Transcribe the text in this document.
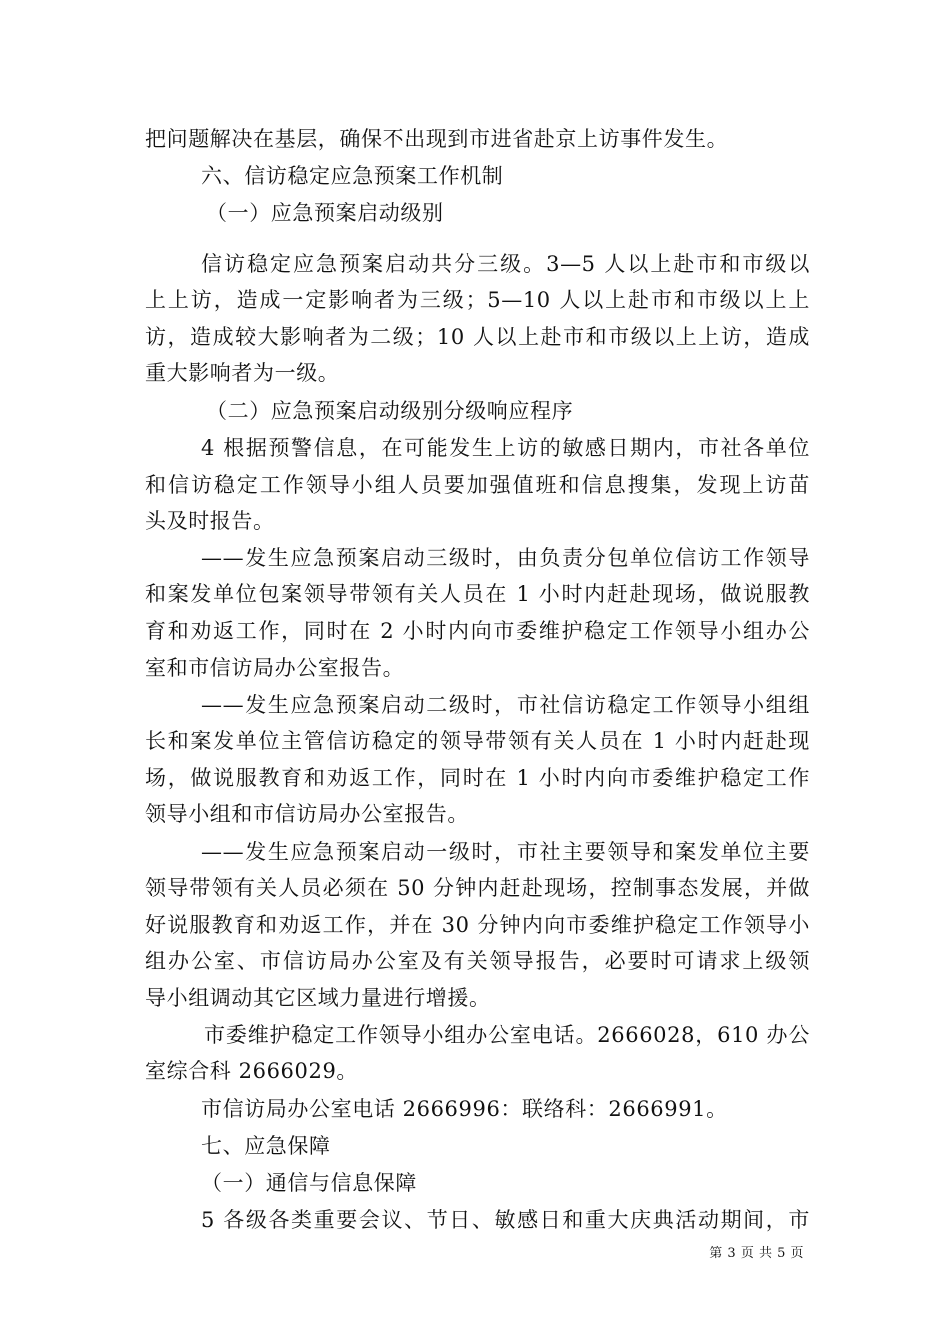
把问题解决在基层，确保不出现到市进省赴京上访事件发生。
六、信访稳定应急预案工作机制
（一）应急预案启动级别
信访稳定应急预案启动共分三级。3—5 人以上赴市和市级以
上上访，造成一定影响者为三级；5—10 人以上赴市和市级以上上
访，造成较大影响者为二级；10 人以上赴市和市级以上上访，造成
重大影响者为一级。
（二）应急预案启动级别分级响应程序
4 根据预警信息，在可能发生上访的敏感日期内，市社各单位
和信访稳定工作领导小组人员要加强值班和信息搜集，发现上访苗
头及时报告。
——发生应急预案启动三级时，由负责分包单位信访工作领导
和案发单位包案领导带领有关人员在 1 小时内赶赴现场，做说服教
育和劝返工作，同时在 2 小时内向市委维护稳定工作领导小组办公
室和市信访局办公室报告。
——发生应急预案启动二级时，市社信访稳定工作领导小组组
长和案发单位主管信访稳定的领导带领有关人员在 1 小时内赶赴现
场，做说服教育和劝返工作，同时在 1 小时内向市委维护稳定工作
领导小组和市信访局办公室报告。
——发生应急预案启动一级时，市社主要领导和案发单位主要
领导带领有关人员必须在 50 分钟内赶赴现场，控制事态发展，并做
好说服教育和劝返工作，并在 30 分钟内向市委维护稳定工作领导小
组办公室、市信访局办公室及有关领导报告，必要时可请求上级领
导小组调动其它区域力量进行增援。
市委维护稳定工作领导小组办公室电话。2666028，610 办公
室综合科 2666029。
市信访局办公室电话 2666996：联络科：2666991。
七、应急保障
（一）通信与信息保障
5 各级各类重要会议、节日、敏感日和重大庆典活动期间，市
第 3 页 共 5 页
